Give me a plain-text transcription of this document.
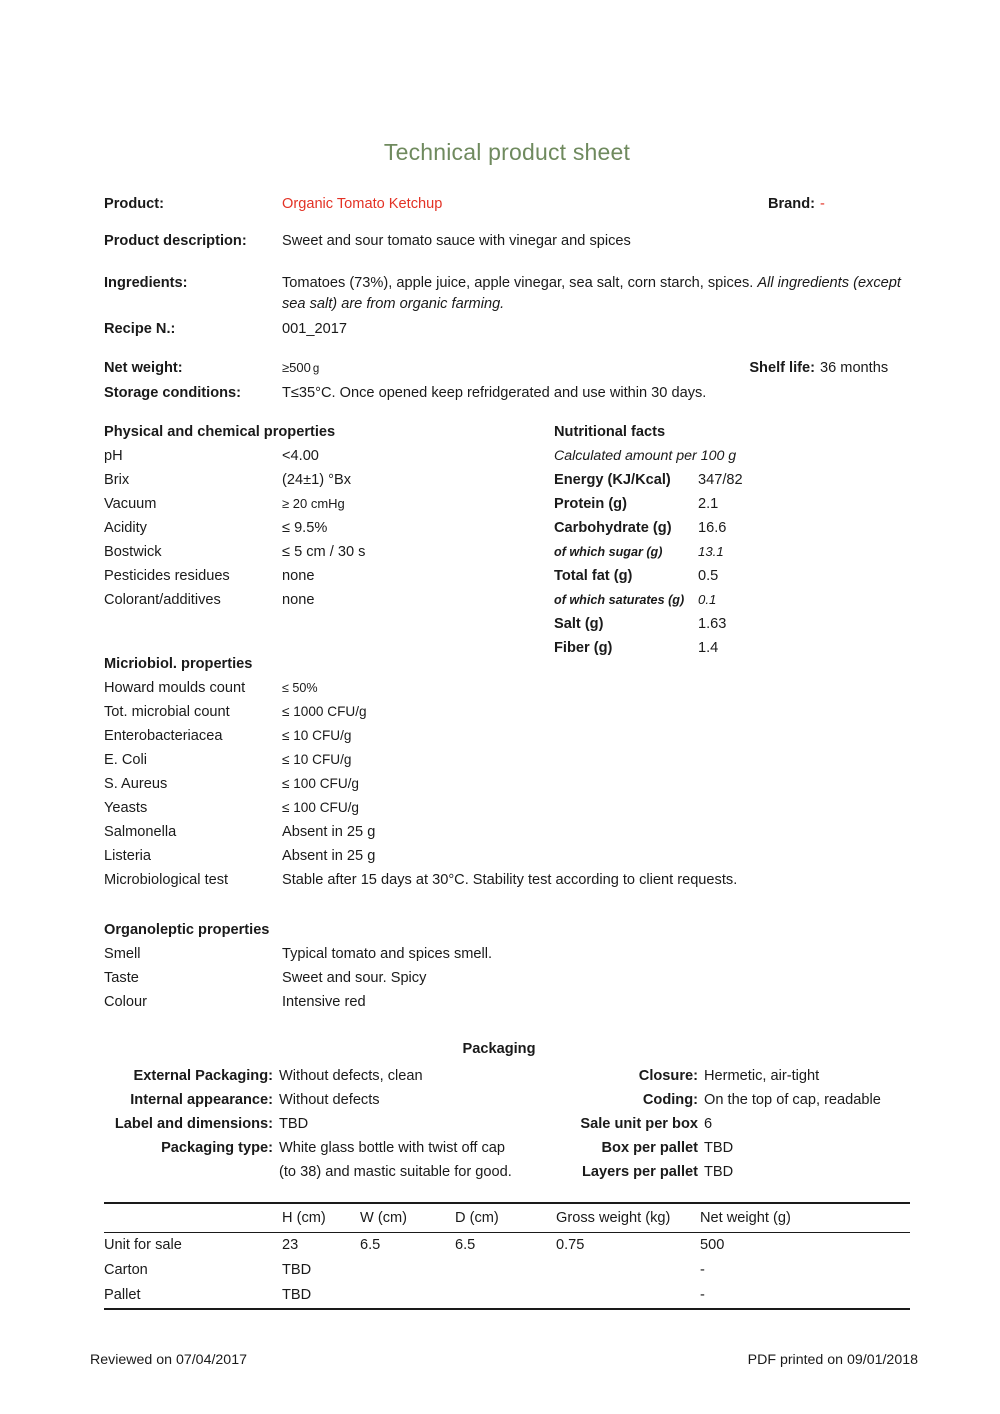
Technical product sheet
Product:	Organic Tomato Ketchup	Brand: -
Product description:	Sweet and sour tomato sauce with vinegar and spices
Ingredients:	Tomatoes (73%), apple juice, apple vinegar, sea salt, corn starch, spices. All ingredients (except sea salt) are from organic farming.
Recipe N.:	001_2017
Net weight:	≥500 g	Shelf life: 36 months
Storage conditions:	T≤35°C. Once opened keep refridgerated and use within 30 days.
Physical and chemical properties
pH	<4.00
Brix	(24±1) °Bx
Vacuum	≥ 20 cmHg
Acidity	≤ 9.5%
Bostwick	≤ 5 cm / 30 s
Pesticides residues	none
Colorant/additives	none
Nutritional facts
Calculated amount per 100 g
Energy (KJ/Kcal)	347/82
Protein (g)	2.1
Carbohydrate (g)	16.6
of which sugar (g)	13.1
Total fat (g)	0.5
of which saturates (g)	0.1
Salt (g)	1.63
Fiber (g)	1.4
Micriobiol. properties
Howard moulds count	≤ 50%
Tot. microbial count	≤ 1000 CFU/g
Enterobacteriacea	≤ 10 CFU/g
E. Coli	≤ 10 CFU/g
S. Aureus	≤ 100 CFU/g
Yeasts	≤ 100 CFU/g
Salmonella	Absent in 25 g
Listeria	Absent in 25 g
Microbiological test	Stable after 15 days at 30°C. Stability test according to client requests.
Organoleptic properties
Smell	Typical tomato and spices smell.
Taste	Sweet and sour. Spicy
Colour	Intensive red
Packaging
External Packaging: Without defects, clean
Internal appearance: Without defects
Label and dimensions: TBD
Packaging type: White glass bottle with twist off cap
(to 38) and mastic suitable for good.
Closure: Hermetic, air-tight
Coding: On the top of cap, readable
Sale unit per box 6
Box per pallet TBD
Layers per pallet TBD
	H (cm)	W (cm)	D (cm)	Gross weight (kg)	Net weight (g)
Unit for sale	23	6.5	6.5	0.75	500
Carton	TBD				-
Pallet	TBD				-
Reviewed on 07/04/2017	PDF printed on 09/01/2018
